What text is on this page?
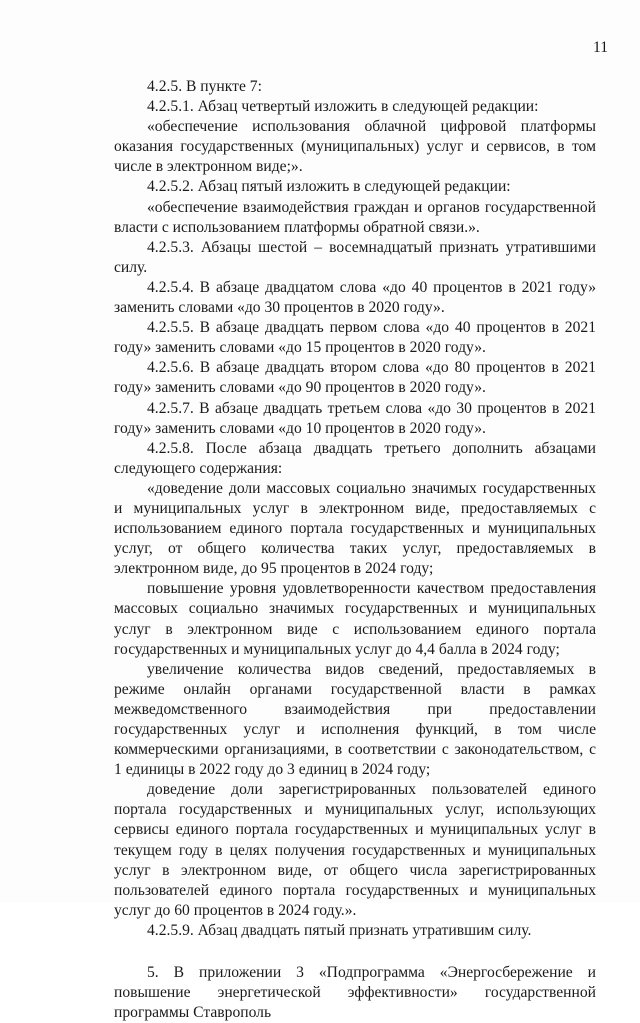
11

4.2.5. В пункте 7:

4.2.5.1. Абзац четвертый изложить в следующей редакции:

«обеспечение использования облачной цифровой платформы оказания государственных (муниципальных) услуг и сервисов, в том числе в электронном виде;».

4.2.5.2. Абзац пятый изложить в следующей редакции:

«обеспечение взаимодействия граждан и органов государственной власти с использованием платформы обратной связи.».

4.2.5.3. Абзацы шестой – восемнадцатый признать утратившими силу.

4.2.5.4. В абзаце двадцатом слова «до 40 процентов в 2021 году» заменить словами «до 30 процентов в 2020 году».

4.2.5.5. В абзаце двадцать первом слова «до 40 процентов в 2021 году» заменить словами «до 15 процентов в 2020 году».

4.2.5.6. В абзаце двадцать втором слова «до 80 процентов в 2021 году» заменить словами «до 90 процентов в 2020 году».

4.2.5.7. В абзаце двадцать третьем слова «до 30 процентов в 2021 году» заменить словами «до 10 процентов в 2020 году».

4.2.5.8. После абзаца двадцать третьего дополнить абзацами следующего содержания:

«доведение доли массовых социально значимых государственных и муниципальных услуг в электронном виде, предоставляемых с использованием единого портала государственных и муниципальных услуг, от общего количества таких услуг, предоставляемых в электронном виде, до 95 процентов в 2024 году;

повышение уровня удовлетворенности качеством предоставления массовых социально значимых государственных и муниципальных услуг в электронном виде с использованием единого портала государственных и муниципальных услуг до 4,4 балла в 2024 году;

увеличение количества видов сведений, предоставляемых в режиме онлайн органами государственной власти в рамках межведомственного взаимодействия при предоставлении государственных услуг и исполнения функций, в том числе коммерческими организациями, в соответствии с законодательством, с 1 единицы в 2022 году до 3 единиц в 2024 году;

доведение доли зарегистрированных пользователей единого портала государственных и муниципальных услуг, использующих сервисы единого портала государственных и муниципальных услуг в текущем году в целях получения государственных и муниципальных услуг в электронном виде, от общего числа зарегистрированных пользователей единого портала государственных и муниципальных услуг до 60 процентов в 2024 году.».

4.2.5.9. Абзац двадцать пятый признать утратившим силу.

5. В приложении 3 «Подпрограмма «Энергосбережение и повышение энергетической эффективности» государственной программы Ставрополь
